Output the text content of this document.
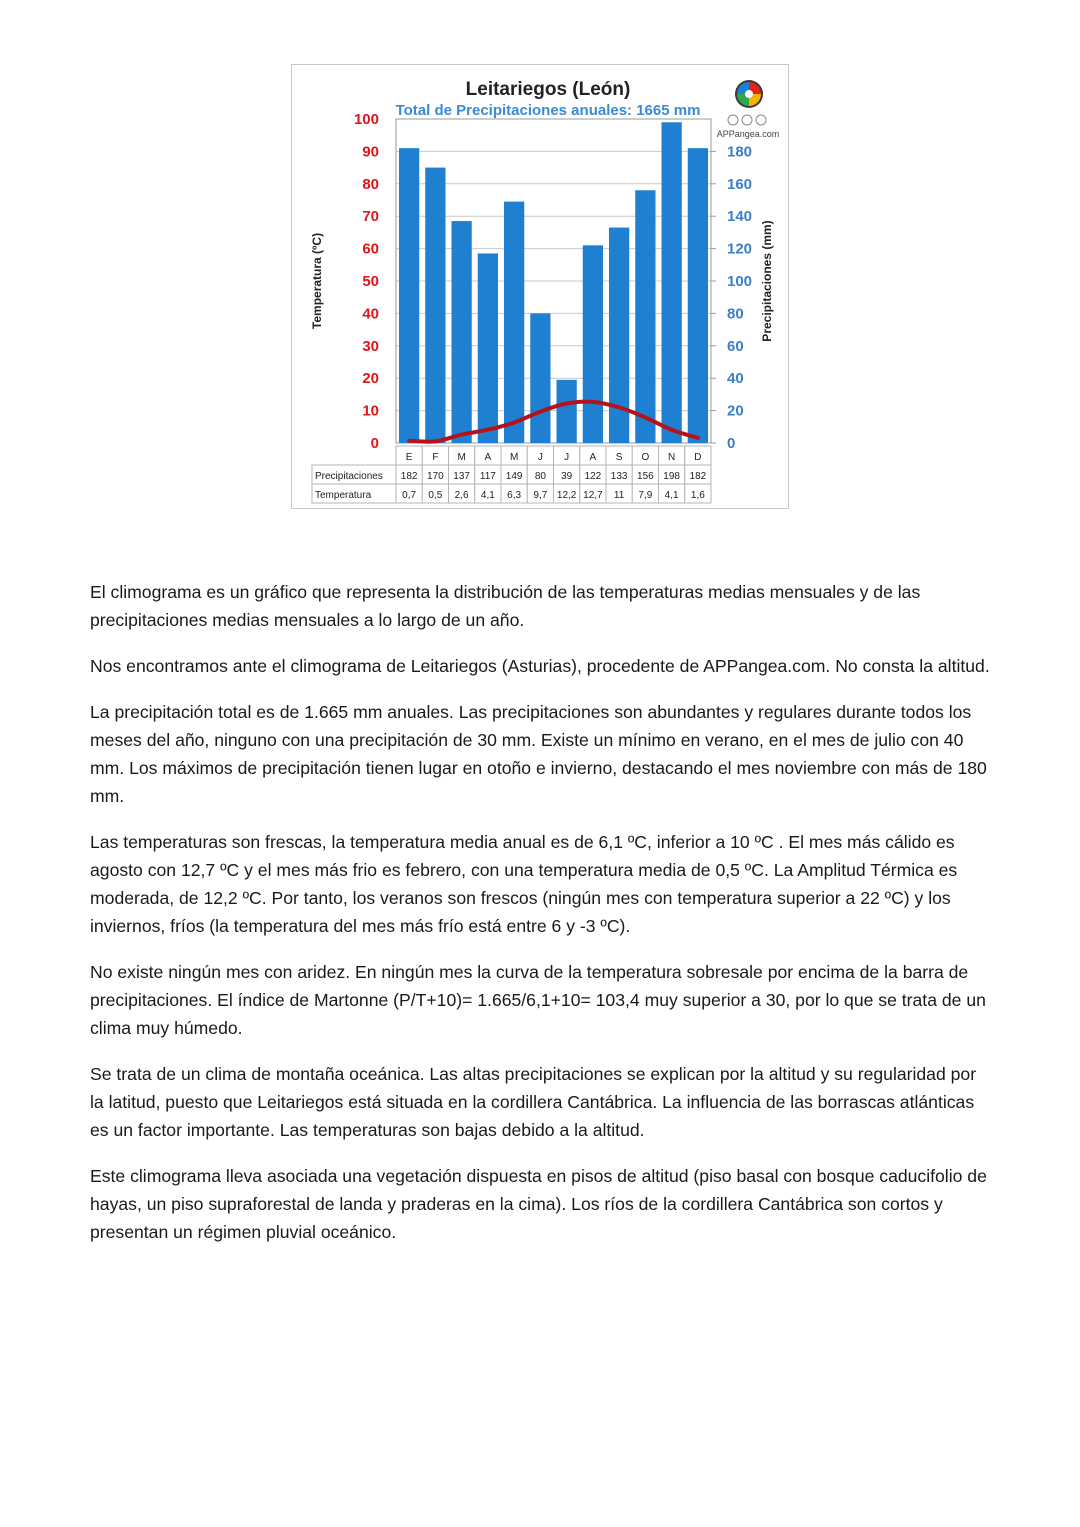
Leitariegos (León)
Total de Precipitaciones anuales: 1665 mm
APPangea.com
Temperatura (ºC)	Precipitaciones (mm)
0
10
20
30
40
50
60
70
80
90
100
0
20
40
60
80
100
120
140
160
180
E F M A M J J A S O N D
Precipitaciones 182 170 137 117 149 80 39 122 133 156 198 182
Temperatura	0,7 0,5 2,6 4,1 6,3 9,7 12,2 12,7 11 7,9 4,1 1,6

El climograma es un gráfico que representa la distribución de las temperaturas medias mensuales y de las precipitaciones medias mensuales a lo largo de un año.

Nos encontramos ante el climograma de Leitariegos (Asturias), procedente de APPangea.com. No consta la altitud.

La precipitación total es de 1.665 mm anuales. Las precipitaciones son abundantes y regulares durante todos los meses del año, ninguno con una precipitación de 30 mm. Existe un mínimo en verano, en el mes de julio con 40 mm. Los máximos de precipitación tienen lugar en otoño e invierno, destacando el mes noviembre con más de 180 mm.

Las temperaturas son frescas, la temperatura media anual es de 6,1 ºC, inferior a 10 ºC . El mes más cálido es agosto con 12,7 ºC y el mes más frio es febrero, con una temperatura media de 0,5 ºC. La Amplitud Térmica es moderada, de 12,2 ºC. Por tanto, los veranos son frescos (ningún mes con temperatura superior a 22 ºC) y los inviernos, fríos (la temperatura del mes más frío está entre 6 y -3 ºC).

No existe ningún mes con aridez. En ningún mes la curva de la temperatura sobresale por encima de la barra de precipitaciones. El índice de Martonne (P/T+10)= 1.665/6,1+10= 103,4 muy superior a 30, por lo que se trata de un clima muy húmedo.

Se trata de un clima de montaña oceánica. Las altas precipitaciones se explican por la altitud y su regularidad por la latitud, puesto que Leitariegos está situada en la cordillera Cantábrica. La influencia de las borrascas atlánticas es un factor importante. Las temperaturas son bajas debido a la altitud.

Este climograma lleva asociada una vegetación dispuesta en pisos de altitud (piso basal con bosque caducifolio de hayas, un piso supraforestal de landa y praderas en la cima). Los ríos de la cordillera Cantábrica son cortos y presentan un régimen pluvial oceánico.
